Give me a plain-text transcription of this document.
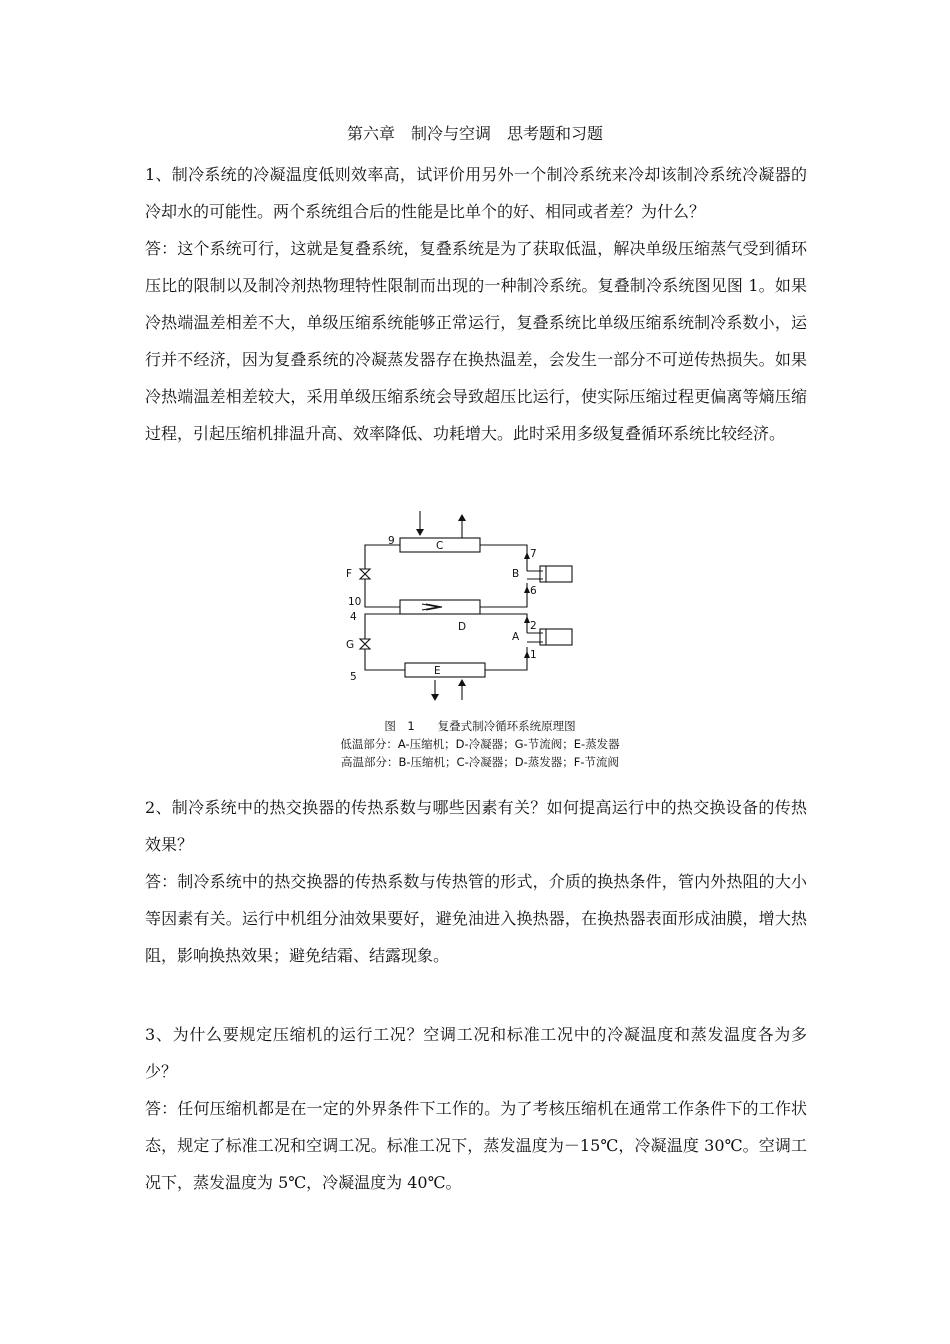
第六章　制冷与空调　思考题和习题

1、制冷系统的冷凝温度低则效率高，试评价用另外一个制冷系统来冷却该制冷系统冷凝器的冷却水的可能性。两个系统组合后的性能是比单个的好、相同或者差？为什么？

答：这个系统可行，这就是复叠系统，复叠系统是为了获取低温，解决单级压缩蒸气受到循环压比的限制以及制冷剂热物理特性限制而出现的一种制冷系统。复叠制冷系统图见图 1。如果冷热端温差相差不大，单级压缩系统能够正常运行，复叠系统比单级压缩系统制冷系数小，运行并不经济，因为复叠系统的冷凝蒸发器存在换热温差，会发生一部分不可逆传热损失。如果冷热端温差相差较大，采用单级压缩系统会导致超压比运行，使实际压缩过程更偏离等熵压缩过程，引起压缩机排温升高、效率降低、功耗增大。此时采用多级复叠循环系统比较经济。

C
D
E
B
A
F
G
9
7
6
10
4
2
1
5
图　1　　复叠式制冷循环系统原理图
低温部分：A-压缩机；D-冷凝器；G-节流阀；E-蒸发器
高温部分：B-压缩机；C-冷凝器；D-蒸发器；F-节流阀

2、制冷系统中的热交换器的传热系数与哪些因素有关？如何提高运行中的热交换设备的传热效果？

答：制冷系统中的热交换器的传热系数与传热管的形式，介质的换热条件，管内外热阻的大小等因素有关。运行中机组分油效果要好，避免油进入换热器，在换热器表面形成油膜，增大热阻，影响换热效果；避免结霜、结露现象。

3、为什么要规定压缩机的运行工况？空调工况和标准工况中的冷凝温度和蒸发温度各为多少？

答：任何压缩机都是在一定的外界条件下工作的。为了考核压缩机在通常工作条件下的工作状态，规定了标准工况和空调工况。标准工况下，蒸发温度为－15℃，冷凝温度 30℃。空调工况下，蒸发温度为 5℃，冷凝温度为 40℃。
